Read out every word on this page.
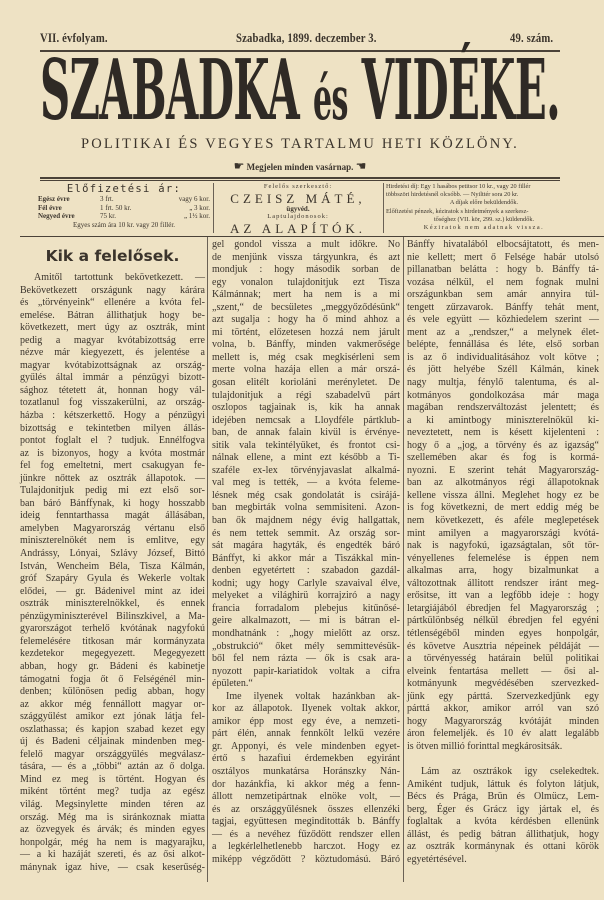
VII. évfolyam.	Szabadka, 1899. deczember 3.	49. szám.
SZABADKA és VIDÉKE.
POLITIKAI ÉS VEGYES TARTALMU HETI KÖZLÖNY.
☛ Megjelen minden vasárnap. ☚
Előfizetési ár:
Egész évre	3 frt.	vagy 6 kor.
Fél évre	1 frt. 50 kr.	„ 3 kor.
Negyed évre	75 kr.	„ 1½ kor.
Egyes szám ára 10 kr. vagy 20 fillér.
Felelős szerkesztő:
CZEISZ MÁTÉ,
ügyvéd.
Laptulajdonosok:
AZ ALAPÍTÓK.
Hirdetési díj: Egy 1 hasábos petitsor 10 kr., vagy 20 fillér
többszöri hirdetésnél olcsóbb. — Nyilttér sora 20 kr.
A díjak előre beküldendők.
Előfizetési pénzek, kéziratok s hirdetmények a szerkesz-
tőséghez (VII. kör, 299. sz.) küldendők.
Kéziratok nem adatnak vissza.
Kik a felelősek.
Amitől tartottunk bekövetkezett. —
Bekövetkezett országunk nagy kárára
és „törvényeink“ ellenére a kvóta fel-
emelése. Bátran állithatjuk hogy be-
következett, mert úgy az osztrák, mint
pedig a magyar kvótabizottság erre
nézve már kiegyezett, és jelentése a
magyar kvótabizottságnak az ország-
gyűlés által immár a pénzügyi bizott-
sághoz tétetett át, honnan hogy vál-
tozatlanul fog visszakerülni, az ország-
házba : kétszerkettő. Hogy a pénzügyi
bizottság e tekintetben milyen állás-
pontot foglalt el ? tudjuk. Ennélfogva
az is bizonyos, hogy a kvóta mostmár
fel fog emeltetni, mert csakugyan fe-
jünkre nőttek az osztrák állapotok. —
Tulajdonitjuk pedig mi ezt első sor-
ban báró Bánffynak, ki hogy hosszabb
ideig fenntarthassa magát állásában,
amelyben Magyarország vértanu első
miniszterelnökét nem is emlitve, egy
Andrássy, Lónyai, Szlávy József, Bittó
István, Wencheim Béla, Tisza Kálmán,
gróf Szapáry Gyula és Wekerle voltak
elődei, — gr. Bádenivel mint az idei
osztrák miniszterelnökkel, és ennek
pénzügyminiszterével Bilinszkivel, a Ma-
gyarországot terhelő kvótának nagyfokú
felemelésére titkosan már kormányzata
kezdetekor megegyezett. Megegyezett
abban, hogy gr. Bádeni és kabinetje
támogatni fogja őt ő Felségénél min-
denben; különösen pedig abban, hogy
az akkor még fennállott magyar or-
szággyűlést amikor ezt jónak látja fel-
oszlathassa; és kapjon szabad kezet egy
új és Badeni céljainak mindenben meg-
felelő magyar országgyűlés megválasz-
tására, — és a „többi“ aztán az ő dolga.
Mind ez meg is történt. Hogyan és
miként történt meg? tudja az egész
világ. Megsinylette minden téren az
ország. Még ma is siránkoznak miatta
az özvegyek és árvák; és minden egyes
honpolgár, még ha nem is magyarajku,
— a ki hazáját szereti, és az ősi alkot-
mánynak igaz hive, — csak keserűség-
gel gondol vissza a mult időkre. No
de menjünk vissza tárgyunkra, és azt
mondjuk : hogy második sorban de
egy vonalon tulajdonitjuk ezt Tisza
Kálmánnak; mert ha nem is a mi
„szent,“ de becsületes „meggyőződésünk“
azt sugalja : hogy ha ő mind ahhoz a
mi történt, előzetesen hozzá nem járult
volna, b. Bánffy, minden vakmerősége
mellett is, még csak megkisérleni sem
merte volna hazája ellen a már orszá-
gosan elitélt korioláni merényletet. De
tulajdonitjuk a régi szabadelvű párt
oszlopos tagjainak is, kik ha annak
idejében nemcsak a Lloydféle pártklub-
ban, de annak falain kivül is érvénye-
sitik vala tekintélyüket, és frontot csi-
nálnak ellene, a mint ezt később a Ti-
szaféle ex-lex törvényjavaslat alkalmá-
val meg is tették, — a kvóta feleme-
lésnek még csak gondolatát is csirájá-
ban megbirták volna semmisiteni. Azon-
ban ők majdnem négy évig hallgattak,
és nem tettek semmit. Az ország sor-
sát magára hagyták, és engedték báró
Bánffyt, ki akkor már a Tiszákkal min-
denben egyetértett : szabadon gazdál-
kodni; ugy hogy Carlyle szavaival élve,
melyeket a világhirü korrajziró a nagy
francia forradalom plebejus kitűnősé-
geire alkalmazott, — mi is bátran el-
mondhatnánk : „hogy mielőtt az orsz.
„obstrukció“ őket mély semmittevésük-
ből fel nem rázta — ők is csak ara-
nyozott papir-kariatidok voltak a cifra
épületen.“
Ime ilyenek voltak hazánkban ak-
kor az állapotok. Ilyenek voltak akkor,
amikor épp most egy éve, a nemzeti-
párt élén, annak fennkölt lelkű vezére
gr. Apponyi, és vele mindenben egyet-
értő s hazafiui érdemekben egyiránt
osztályos munkatársa Horánszky Nán-
dor hazánkfia, ki akkor még a fenn-
állott nemzetipártnak elnöke volt, —
és az országgyűlésnek összes ellenzéki
tagjai, együttesen meginditották b. Bánffy
— és a nevéhez fűződött rendszer ellen
a legkérlelhetlenebb harczot. Hogy ez
miképp végződött ? köztudomású. Báró
Bánffy hivatalából elbocsájtatott, és men-
nie kellett; mert ő Felsége habár utolsó
pillanatban belátta : hogy b. Bánffy tá-
vozása nélkül, el nem fognak mulni
országunkban sem amár annyira túl-
tengett zűrzavarok. Bánffy tehát ment,
és vele együtt — közhiedelem szerint —
ment az a „rendszer,“ a melynek élet-
belépte, fennállása és léte, első sorban
is az ő individualitásához volt kötve ;
és jött helyébe Széll Kálmán, kinek
nagy multja, fénylő talentuma, és al-
kotmányos gondolkozása már maga
magában rendszerváltozást jelentett; és
a ki amintbogy miniszterelnökül ki-
neveztetett, nem is késett kijelenteni :
hogy ő a „jog, a törvény és az igazság“
szellemében akar és fog is kormá-
nyozni. E szerint tehát Magyarország-
ban az alkotmányos régi állapotoknak
kellene vissza állni. Meglehet hogy ez be
is fog következni, de mert eddig még be
nem következett, és aféle meglepetések
mint amilyen a magyarországi kvótá-
nak is nagyfokú, igazságtalan, sőt tör-
vényellenes felemelése is éppen nem
alkalmas arra, hogy bizalmunkat a
változottnak állitott rendszer iránt meg-
erősitse, itt van a legfőbb ideje : hogy
letargiájából ébredjen fel Magyarország ;
pártkülönbség nélkül ébredjen fel egyéni
tétlenségéből minden egyes honpolgár,
és követve Ausztria népeinek példáját —
a törvényesség határain belül politikai
elveink fentartása mellett — ősi al-
kotmányunk megvédésében szervezked-
jünk egy párttá. Szervezkedjünk egy
párttá akkor, amikor arról van szó
hogy Magyarország kvótáját minden
áron felemeljék. és 10 év alatt legalább
is ötven millió forinttal megkárositsák.
Lám az osztrákok igy cselekedtek.
Amiként tudjuk, láttuk és folyton látjuk,
Bécs és Prága, Brün és Olmücz, Lem-
berg, Éger és Grácz igy jártak el, és
foglaltak a kvóta kérdésben ellenünk
állást, és pedig bátran állithatjuk, hogy
az osztrák kormánynak és ottani körök
egyetértésével.
